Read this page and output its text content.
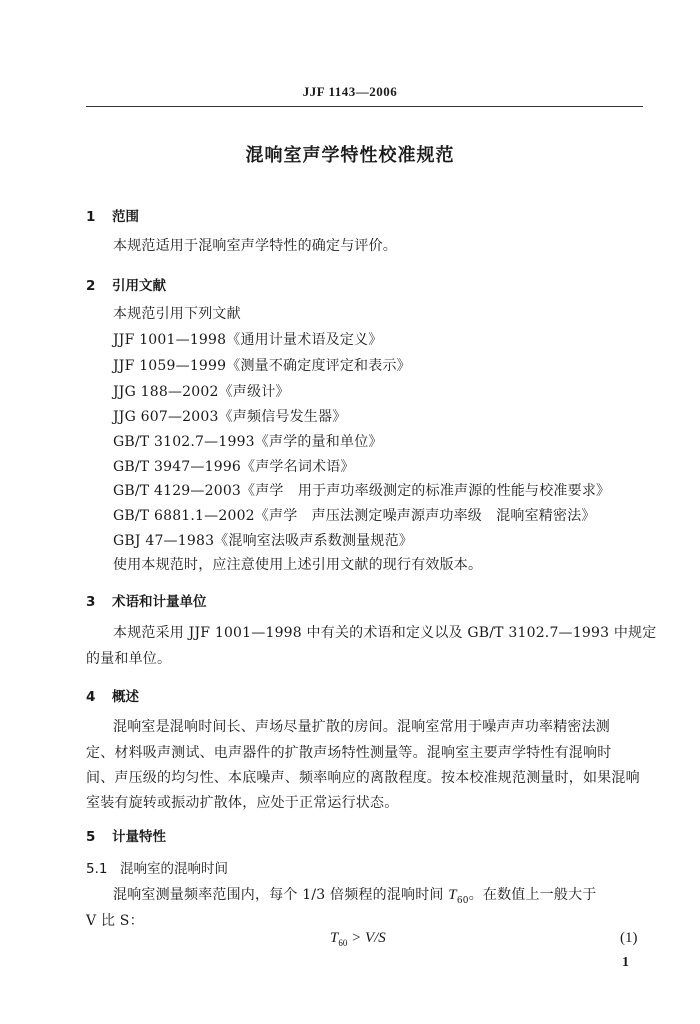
JJF 1143—2006
混响室声学特性校准规范
1 范围
本规范适用于混响室声学特性的确定与评价。
2 引用文献
本规范引用下列文献
JJF 1001—1998《通用计量术语及定义》
JJF 1059—1999《测量不确定度评定和表示》
JJG 188—2002《声级计》
JJG 607—2003《声频信号发生器》
GB/T 3102.7—1993《声学的量和单位》
GB/T 3947—1996《声学名词术语》
GB/T 4129—2003《声学　用于声功率级测定的标准声源的性能与校准要求》
GB/T 6881.1—2002《声学　声压法测定噪声源声功率级　混响室精密法》
GBJ 47—1983《混响室法吸声系数测量规范》
使用本规范时，应注意使用上述引用文献的现行有效版本。
3 术语和计量单位
本规范采用 JJF 1001—1998 中有关的术语和定义以及 GB/T 3102.7—1993 中规定
的量和单位。
4 概述
混响室是混响时间长、声场尽量扩散的房间。混响室常用于噪声声功率精密法测
定、材料吸声测试、电声器件的扩散声场特性测量等。混响室主要声学特性有混响时
间、声压级的均匀性、本底噪声、频率响应的离散程度。按本校准规范测量时，如果混响
室装有旋转或振动扩散体，应处于正常运行状态。
5 计量特性
5.1 混响室的混响时间
混响室测量频率范围内，每个 1/3 倍频程的混响时间 $T_{60}$。在数值上一般大于
V 比 S：
$T_{60} > V/S$	(1)
1
